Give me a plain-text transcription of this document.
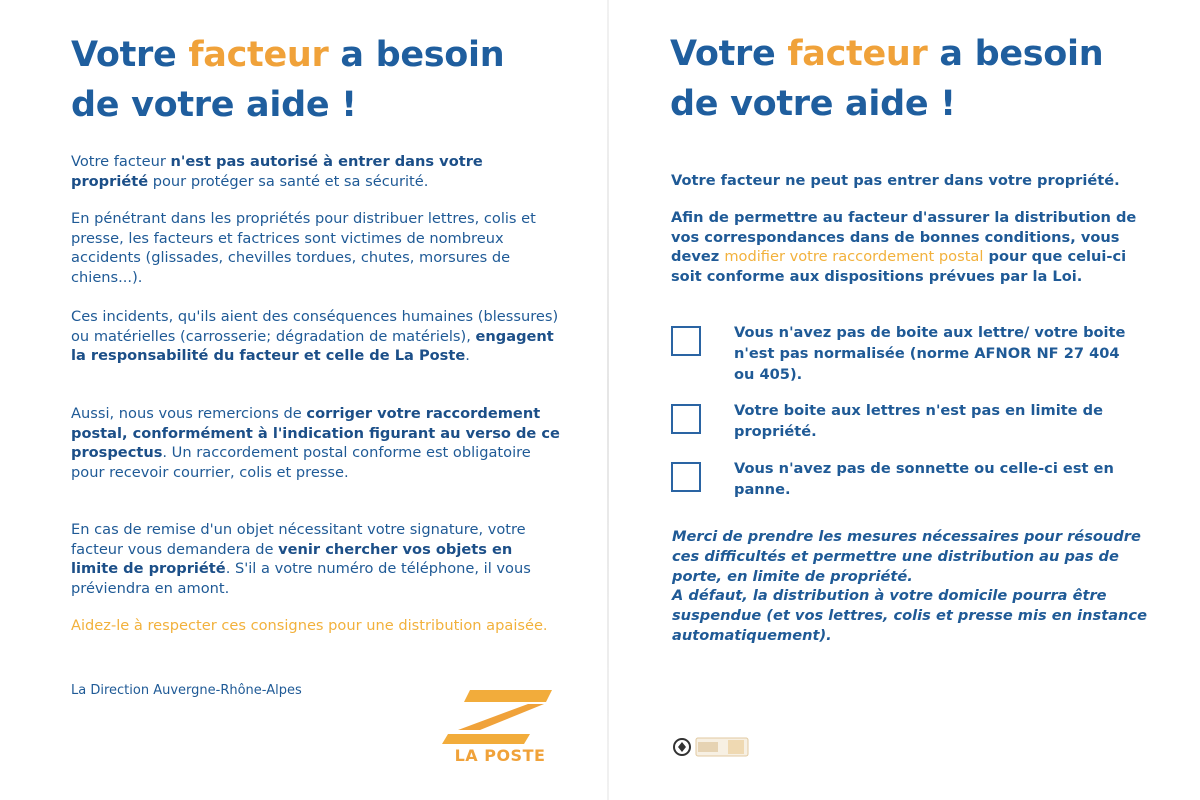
Votre facteur a besoin
de votre aide !

Votre facteur n'est pas autorisé à entrer dans votre propriété pour protéger sa santé et sa sécurité.

En pénétrant dans les propriétés pour distribuer lettres, colis et presse, les facteurs et factrices sont victimes de nombreux accidents (glissades, chevilles tordues, chutes, morsures de chiens...).

Ces incidents, qu'ils aient des conséquences humaines (blessures) ou matérielles (carrosserie; dégradation de matériels), engagent la responsabilité du facteur et celle de La Poste.

Aussi, nous vous remercions de corriger votre raccordement postal, conformément à l'indication figurant au verso de ce prospectus. Un raccordement postal conforme est obligatoire pour recevoir courrier, colis et presse.

En cas de remise d'un objet nécessitant votre signature, votre facteur vous demandera de venir chercher vos objets en limite de propriété. S'il a votre numéro de téléphone, il vous préviendra en amont.

Aidez-le à respecter ces consignes pour une distribution apaisée.

La Direction Auvergne-Rhône-Alpes

LA POSTE
Votre facteur a besoin
de votre aide !

Votre facteur ne peut pas entrer dans votre propriété.

Afin de permettre au facteur d'assurer la distribution de vos correspondances dans de bonnes conditions, vous devez modifier votre raccordement postal pour que celui-ci soit conforme aux dispositions prévues par la Loi.

Vous n'avez pas de boite aux lettre/ votre boite n'est pas normalisée (norme AFNOR NF 27 404 ou 405).
Votre boite aux lettres n'est pas en limite de propriété.
Vous n'avez pas de sonnette ou celle-ci est en panne.

Merci de prendre les mesures nécessaires pour résoudre ces difficultés et permettre une distribution au pas de porte, en limite de propriété.
A défaut, la distribution à votre domicile pourra être suspendue (et vos lettres, colis et presse mis en instance automatiquement).
